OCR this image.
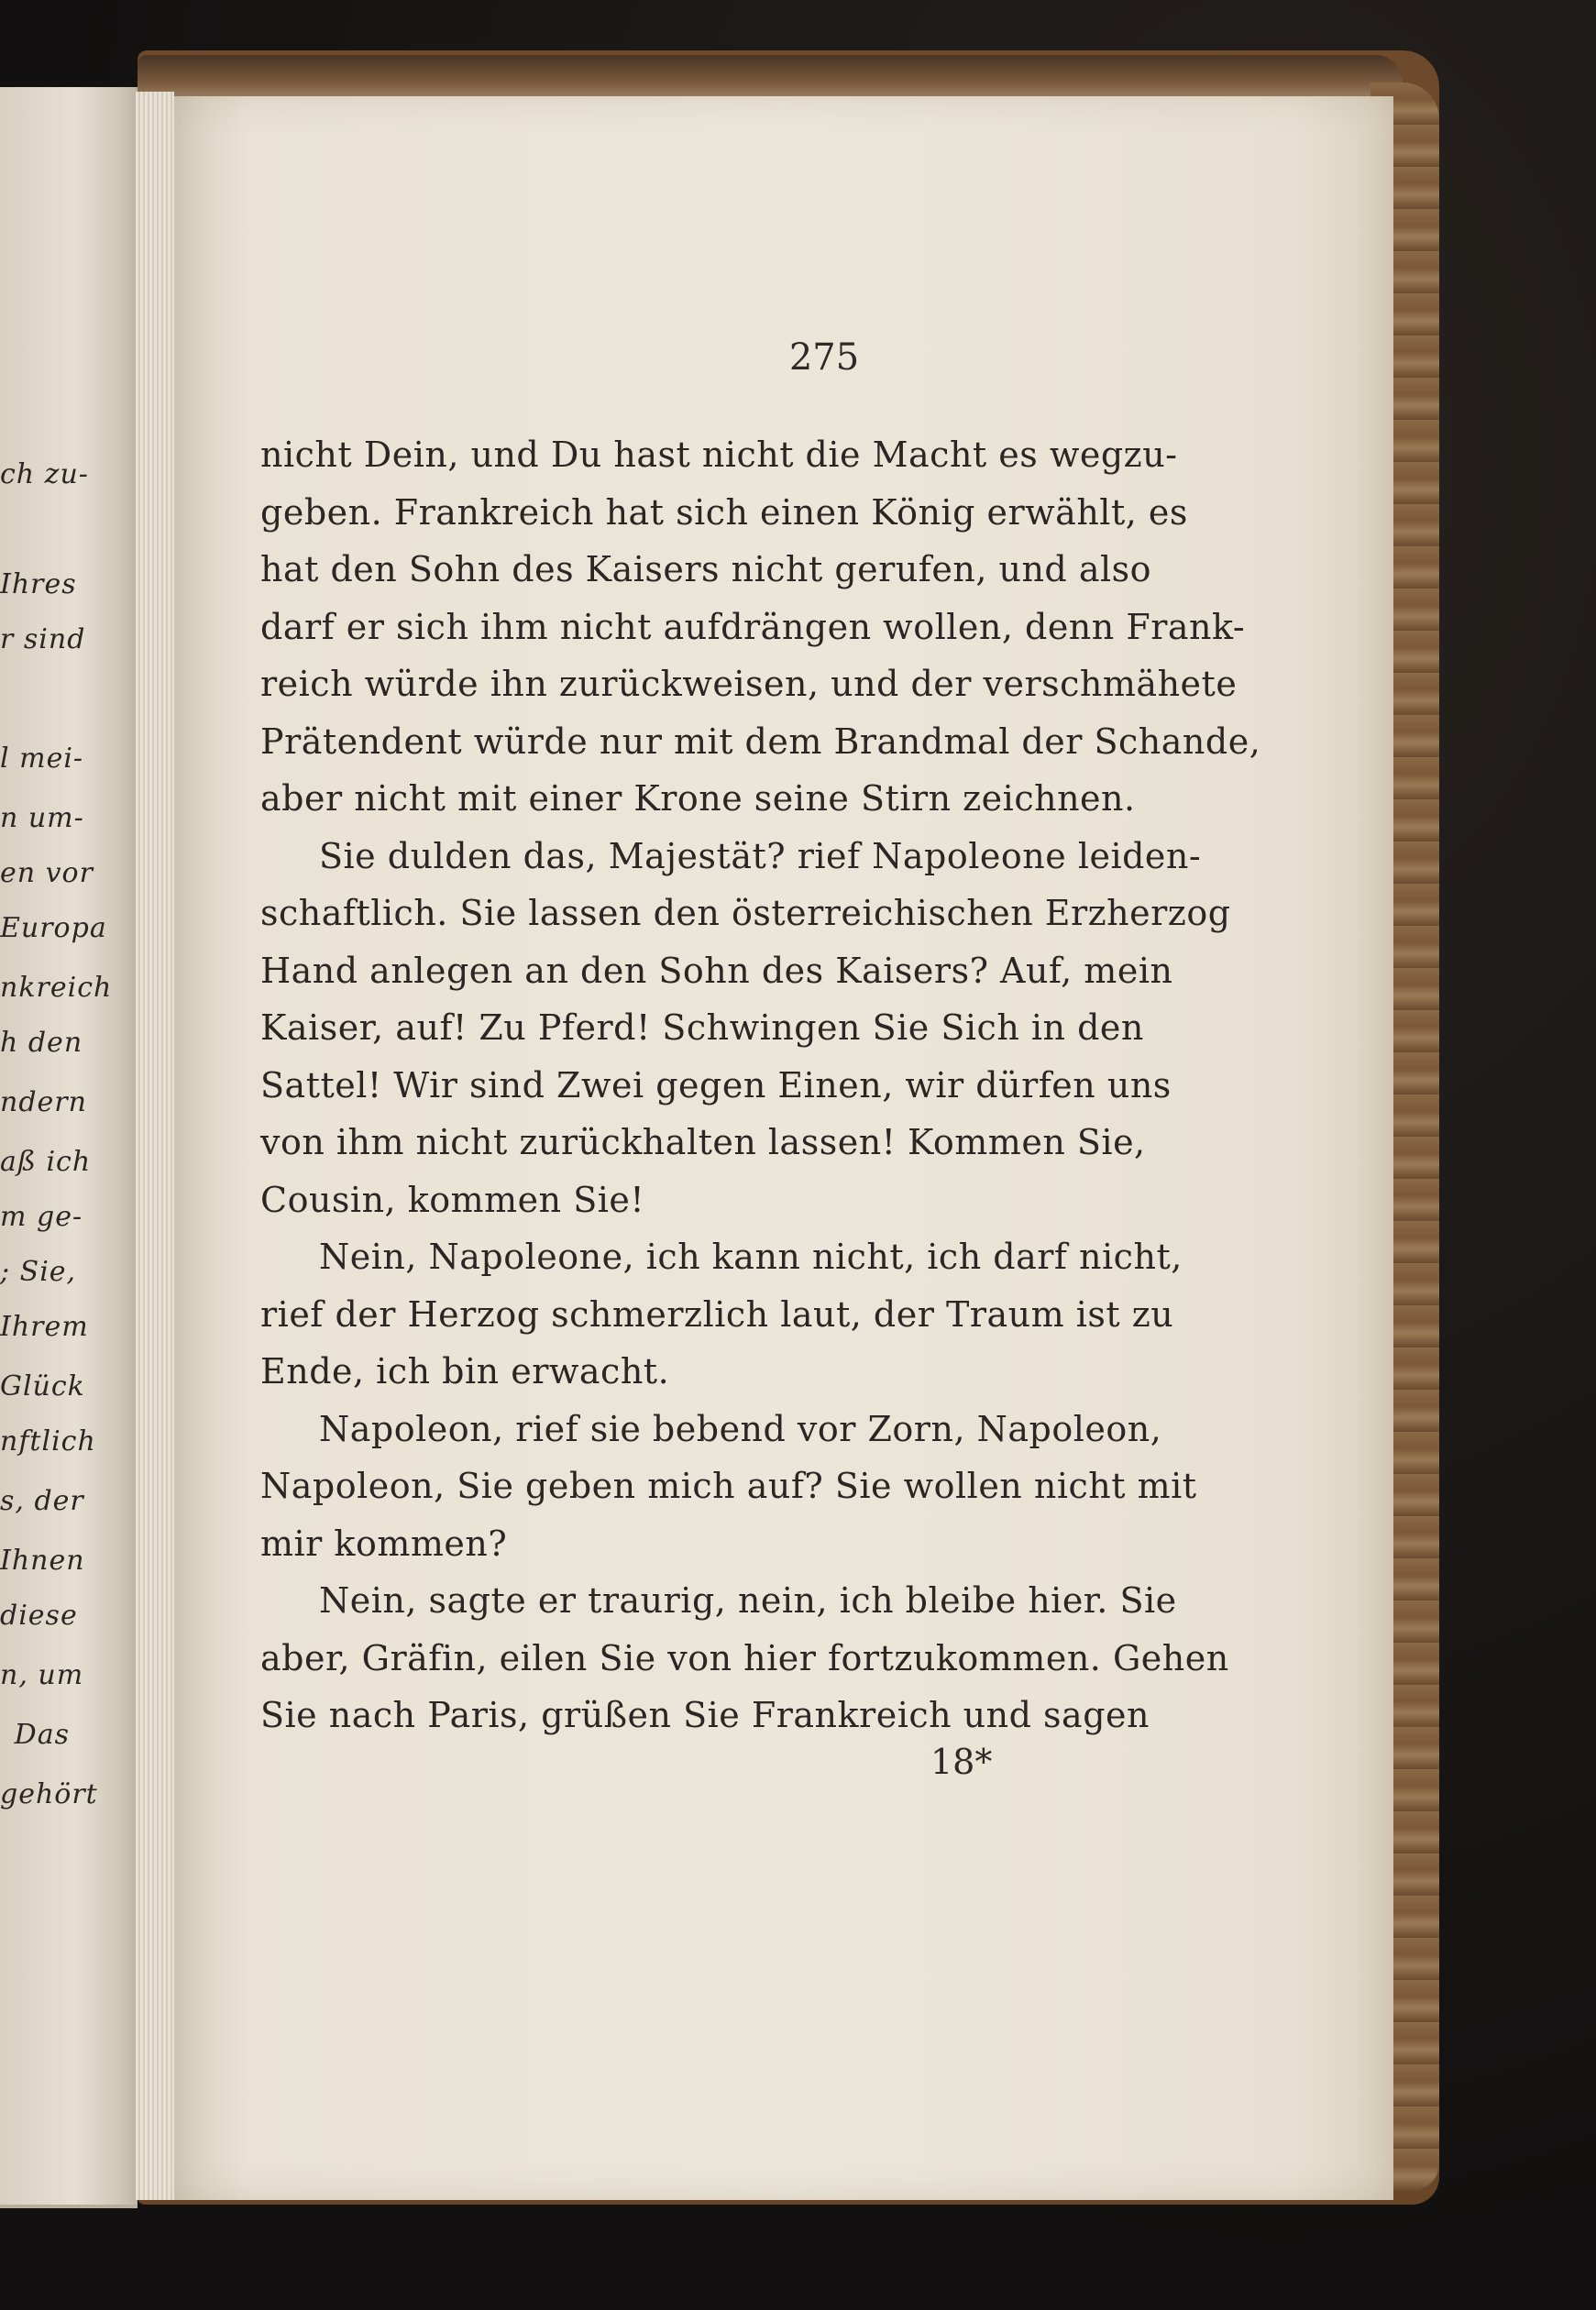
ch zu-
Ihres
r sind
l mei-
n um-
en vor
Europa
nkreich
h den
ndern
aß ich
m ge-
; Sie,
Ihrem
Glück
nftlich
s, der
Ihnen
diese
n, um
Das
gehört
275
nicht Dein, und Du hast nicht die Macht es wegzu-
geben. Frankreich hat sich einen König erwählt, es
hat den Sohn des Kaisers nicht gerufen, und also
darf er sich ihm nicht aufdrängen wollen, denn Frank-
reich würde ihn zurückweisen, und der verschmähete
Prätendent würde nur mit dem Brandmal der Schande,
aber nicht mit einer Krone seine Stirn zeichnen.
Sie dulden das, Majestät? rief Napoleone leiden-
schaftlich. Sie lassen den österreichischen Erzherzog
Hand anlegen an den Sohn des Kaisers? Auf, mein
Kaiser, auf! Zu Pferd! Schwingen Sie Sich in den
Sattel! Wir sind Zwei gegen Einen, wir dürfen uns
von ihm nicht zurückhalten lassen! Kommen Sie,
Cousin, kommen Sie!
Nein, Napoleone, ich kann nicht, ich darf nicht,
rief der Herzog schmerzlich laut, der Traum ist zu
Ende, ich bin erwacht.
Napoleon, rief sie bebend vor Zorn, Napoleon,
Napoleon, Sie geben mich auf? Sie wollen nicht mit
mir kommen?
Nein, sagte er traurig, nein, ich bleibe hier. Sie
aber, Gräfin, eilen Sie von hier fortzukommen. Gehen
Sie nach Paris, grüßen Sie Frankreich und sagen
18*
